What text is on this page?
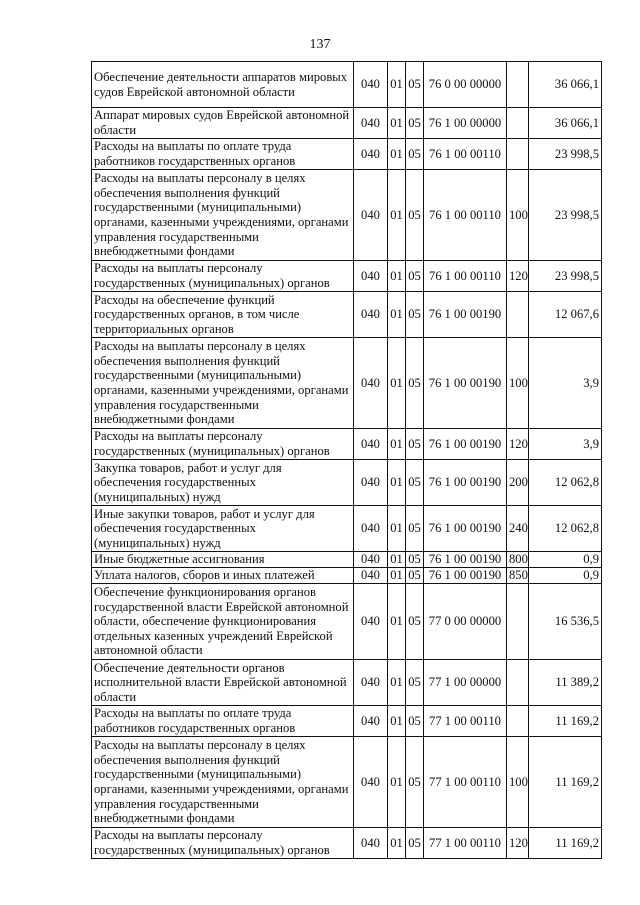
137
Обеспечение деятельности аппаратов мировых судов Еврейской автономной области	040	01	05	76 0 00 00000		36 066,1
Аппарат мировых судов Еврейской автономной области	040	01	05	76 1 00 00000		36 066,1
Расходы на выплаты по оплате труда работников государственных органов	040	01	05	76 1 00 00110		23 998,5
Расходы на выплаты персоналу в целях обеспечения выполнения функций государственными (муниципальными) органами, казенными учреждениями, органами управления государственными внебюджетными фондами	040	01	05	76 1 00 00110	100	23 998,5
Расходы на выплаты персоналу государственных (муниципальных) органов	040	01	05	76 1 00 00110	120	23 998,5
Расходы на обеспечение функций государственных органов, в том числе территориальных органов	040	01	05	76 1 00 00190		12 067,6
Расходы на выплаты персоналу в целях обеспечения выполнения функций государственными (муниципальными) органами, казенными учреждениями, органами управления государственными внебюджетными фондами	040	01	05	76 1 00 00190	100	3,9
Расходы на выплаты персоналу государственных (муниципальных) органов	040	01	05	76 1 00 00190	120	3,9
Закупка товаров, работ и услуг для обеспечения государственных (муниципальных) нужд	040	01	05	76 1 00 00190	200	12 062,8
Иные закупки товаров, работ и услуг для обеспечения государственных (муниципальных) нужд	040	01	05	76 1 00 00190	240	12 062,8
Иные бюджетные ассигнования	040	01	05	76 1 00 00190	800	0,9
Уплата налогов, сборов и иных платежей	040	01	05	76 1 00 00190	850	0,9
Обеспечение функционирования органов государственной власти Еврейской автономной области, обеспечение функционирования отдельных казенных учреждений Еврейской автономной области	040	01	05	77 0 00 00000		16 536,5
Обеспечение деятельности органов исполнительной власти Еврейской автономной области	040	01	05	77 1 00 00000		11 389,2
Расходы на выплаты по оплате труда работников государственных органов	040	01	05	77 1 00 00110		11 169,2
Расходы на выплаты персоналу в целях обеспечения выполнения функций государственными (муниципальными) органами, казенными учреждениями, органами управления государственными внебюджетными фондами	040	01	05	77 1 00 00110	100	11 169,2
Расходы на выплаты персоналу государственных (муниципальных) органов	040	01	05	77 1 00 00110	120	11 169,2
